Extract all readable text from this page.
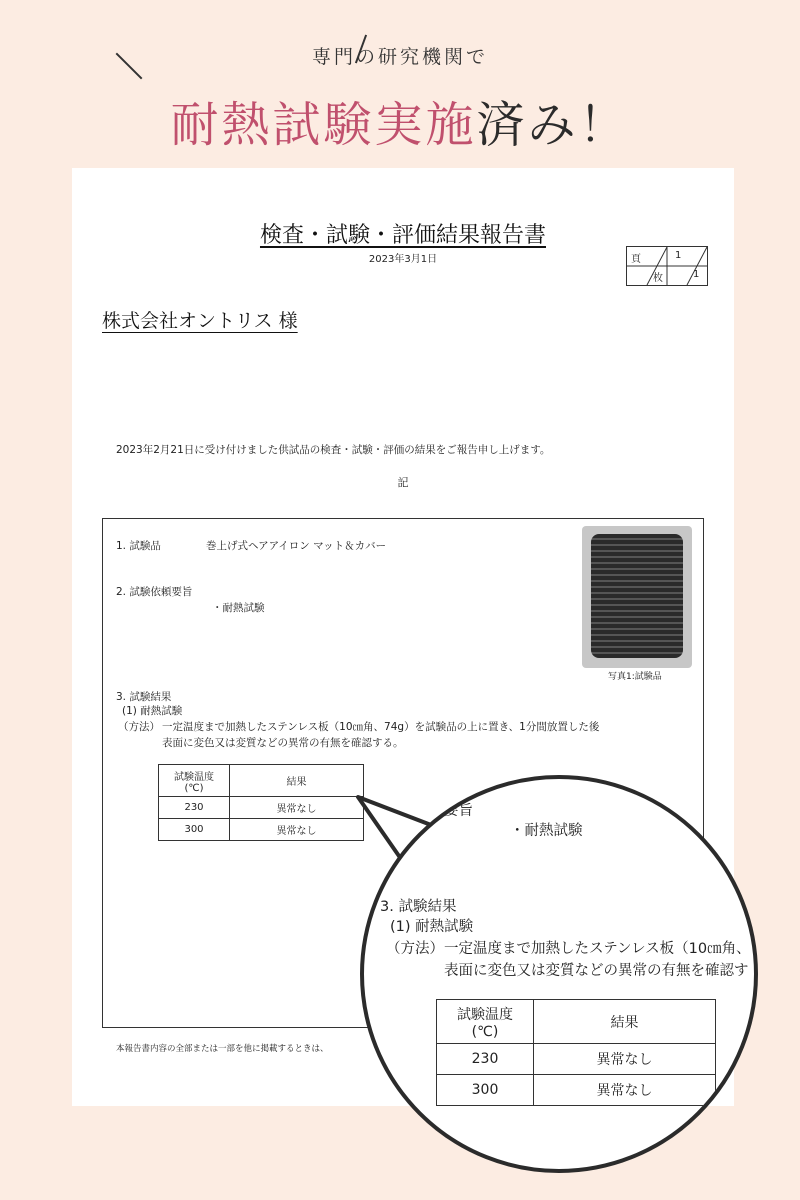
専門の研究機関で
耐熱試験実施済み！
検査・試験・評価結果報告書
2023年3月1日	頁
枚
1
1
株式会社オントリス 様
2023年2月21日に受け付けました供試品の検査・試験・評価の結果をご報告申し上げます。
記
1. 試験品	巻上げ式ヘアアイロン マット＆カバー
2. 試験依頼要旨
・耐熱試験
写真1:試験品
3. 試験結果
(1) 耐熱試験
（方法） 一定温度まで加熱したステンレス板（10㎝角、74g）を試験品の上に置き、1分間放置した後
表面に変色又は変質などの異常の有無を確認する。
試験温度
(℃)	結果
230	異常なし
300	異常なし
本報告書内容の全部または一部を他に掲載するときは、
要旨
・耐熱試験
3. 試験結果
(1) 耐熱試験
（方法） 一定温度まで加熱したステンレス板（10㎝角、
表面に変色又は変質などの異常の有無を確認す
試験温度
(℃)	結果
230	異常なし
300	異常なし
